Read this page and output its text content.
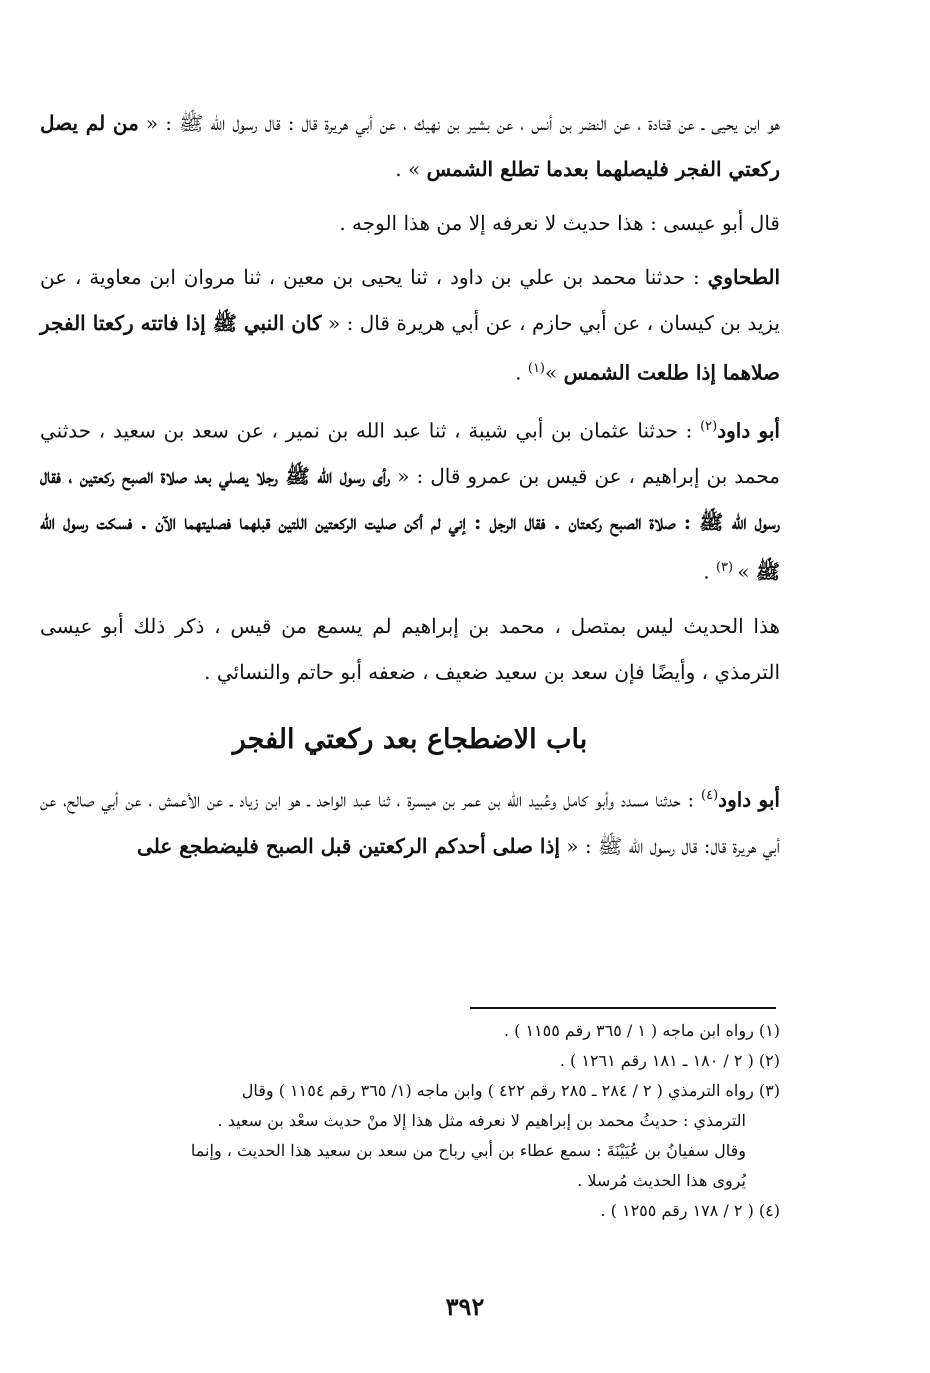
هو ابن يحيى ـ عن قتادة ، عن النضر بن أنس ، عن بشير بن نهيك ، عن أبي هريرة قال : قال رسول الله ﷺ : « من لم يصل ركعتي الفجر فليصلهما بعدما تطلع الشمس » .

قال أبو عيسى : هذا حديث لا نعرفه إلا من هذا الوجه .

الطحاوي : حدثنا محمد بن علي بن داود ، ثنا يحيى بن معين ، ثنا مروان ابن معاوية ، عن يزيد بن كيسان ، عن أبي حازم ، عن أبي هريرة قال : « كان النبي ﷺ إذا فاتته ركعتا الفجر صلاهما إذا طلعت الشمس »$^{(١)}$ .

أبو داود$^{(٢)}$ : حدثنا عثمان بن أبي شيبة ، ثنا عبد الله بن نمير ، عن سعد بن سعيد ، حدثني محمد بن إبراهيم ، عن قيس بن عمرو قال : « رأى رسول الله ﷺ رجلا يصلي بعد صلاة الصبح ركعتين ، فقال رسول الله ﷺ : صلاة الصبح ركعتان . فقال الرجل : إني لم أكن صليت الركعتين اللتين قبلهما فصليتهما الآن . فسكت رسول الله ﷺ » $^{(٣)}$ .

هذا الحديث ليس بمتصل ، محمد بن إبراهيم لم يسمع من قيس ، ذكر ذلك أبو عيسى الترمذي ، وأيضًا فإن سعد بن سعيد ضعيف ، ضعفه أبو حاتم والنسائي .

باب الاضطجاع بعد ركعتي الفجر

أبو داود$^{(٤)}$ : حدثنا مسدد وأبو كامل وعُبيد الله بن عمر بن ميسرة ، ثنا عبد الواحد ـ هو ابن زياد ـ عن الأعمش ، عن أبي صالح، عن أبي هريرة قال: قال رسول الله ﷺ : « إذا صلى أحدكم الركعتين قبل الصبح فليضطجع على

(١) رواه ابن ماجه ( ١ / ٣٦٥ رقم ١١٥٥ ) .
(٢) ( ٢ / ١٨٠ ـ ١٨١ رقم ١٢٦١ ) .
(٣) رواه الترمذي ( ٢ / ٢٨٤ ـ ٢٨٥ رقم ٤٢٢ ) وابن ماجه (١/ ٣٦٥ رقم ١١٥٤ ) وقال
الترمذي : حديثُ محمد بن إبراهيم لا نعرفه مثل هذا إلا منْ حديث سعْد بن سعيد .
وقال سفيانُ بن عُيَيْنَةَ : سمع عطاء بن أبي رباح من سعد بن سعيد هذا الحديث ، وإنما
يُروى هذا الحديث مُرسلا .
(٤) ( ٢ / ١٧٨ رقم ١٢٥٥ ) .
٣٩٢
